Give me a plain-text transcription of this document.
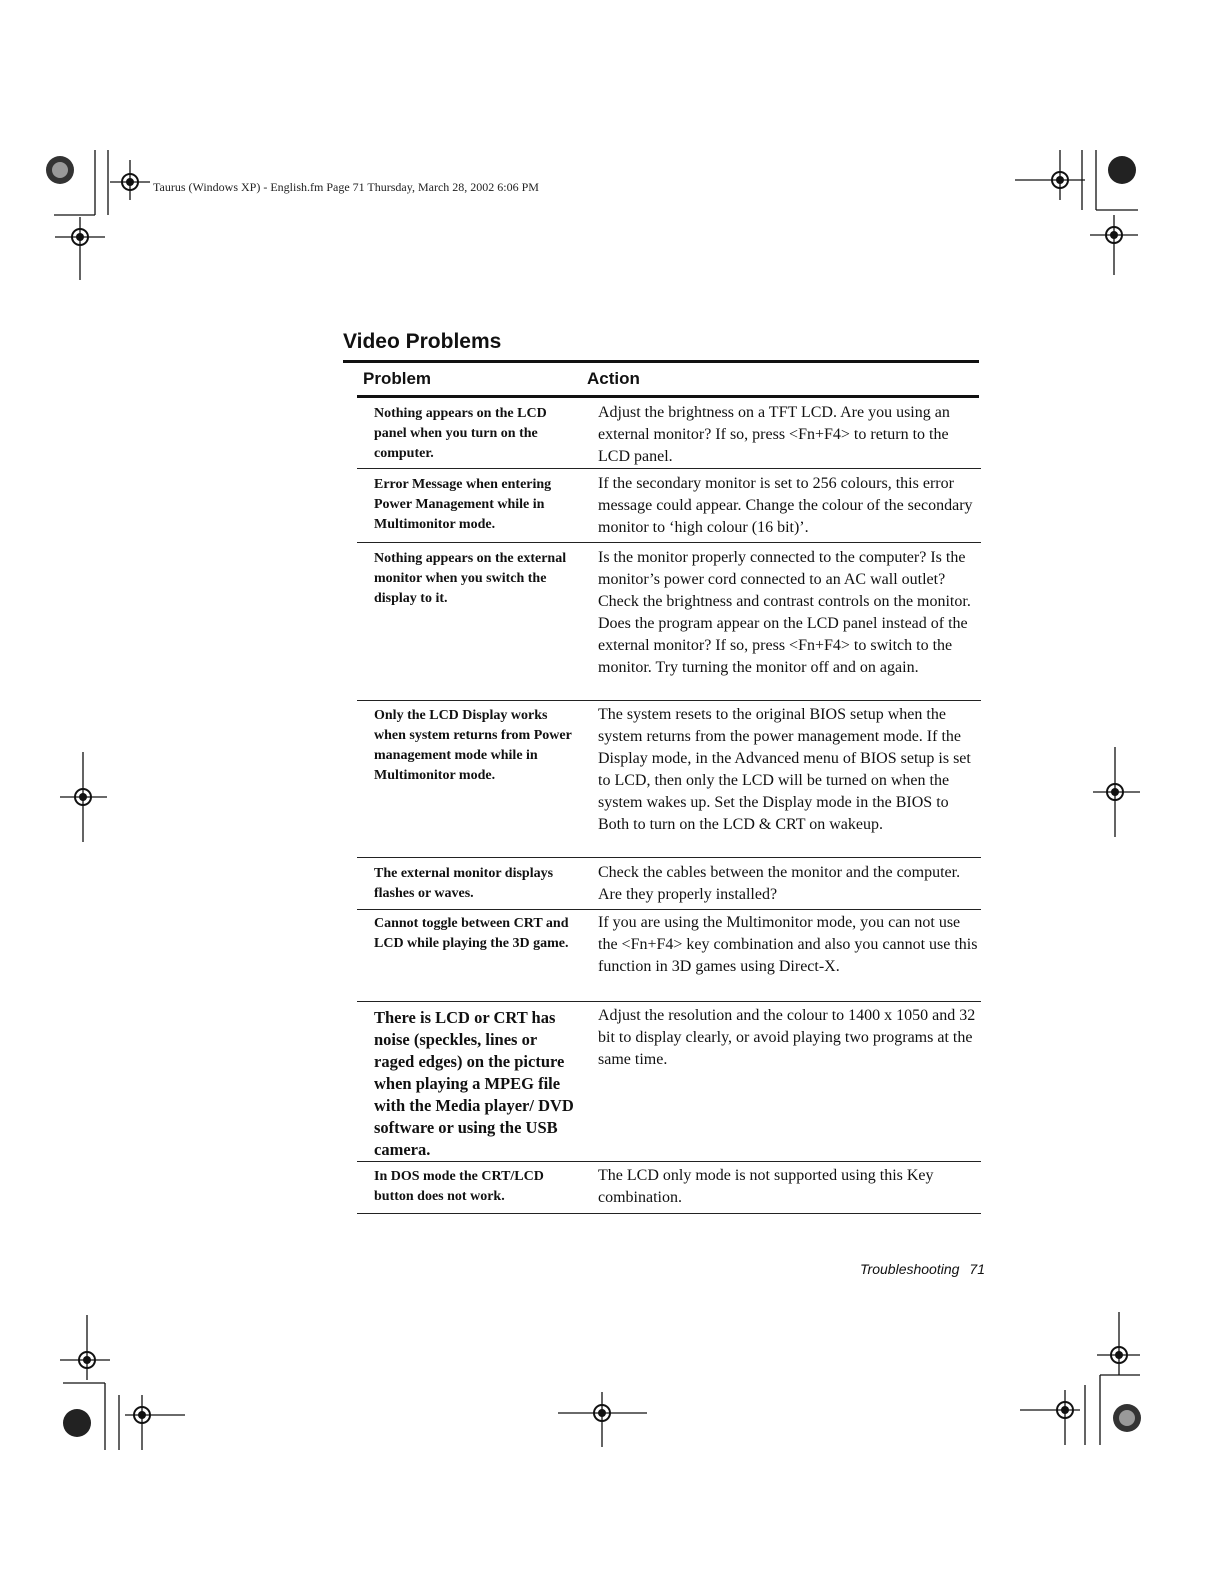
Taurus (Windows XP) - English.fm Page 71 Thursday, March 28, 2002 6:06 PM
Video Problems
Problem	Action
Nothing appears on the LCD panel when you turn on the computer.
Adjust the brightness on a TFT LCD. Are you using an external monitor? If so, press <Fn+F4> to return to the LCD panel.
Error Message when entering Power Management while in Multimonitor mode.
If the secondary monitor is set to 256 colours, this error message could appear. Change the colour of the secondary monitor to ‘high colour (16 bit)’.
Nothing appears on the external monitor when you switch the display to it.
Is the monitor properly connected to the computer? Is the monitor’s power cord connected to an AC wall outlet? Check the brightness and contrast controls on the monitor. Does the program appear on the LCD panel instead of the external monitor? If so, press <Fn+F4> to switch to the monitor. Try turning the monitor off and on again.
Only the LCD Display works when system returns from Power management mode while in Multimonitor mode.
The system resets to the original BIOS setup when the system returns from the power management mode. If the Display mode, in the Advanced menu of BIOS setup is set to LCD, then only the LCD will be turned on when the system wakes up. Set the Display mode in the BIOS to Both to turn on the LCD & CRT on wakeup.
The external monitor displays flashes or waves.
Check the cables between the monitor and the computer. Are they properly installed?
Cannot toggle between CRT and LCD while playing the 3D game.
If you are using the Multimonitor mode, you can not use the <Fn+F4> key combination and also you cannot use this function in 3D games using Direct-X.
There is LCD or CRT has noise (speckles, lines or raged edges) on the picture when playing a MPEG file with the Media player/ DVD software or using the USB camera.
Adjust the resolution and the colour to 1400 x 1050 and 32 bit to display clearly, or avoid playing two programs at the same time.
In DOS mode the CRT/LCD button does not work.
The LCD only mode is not supported using this Key combination.
Troubleshooting 71
